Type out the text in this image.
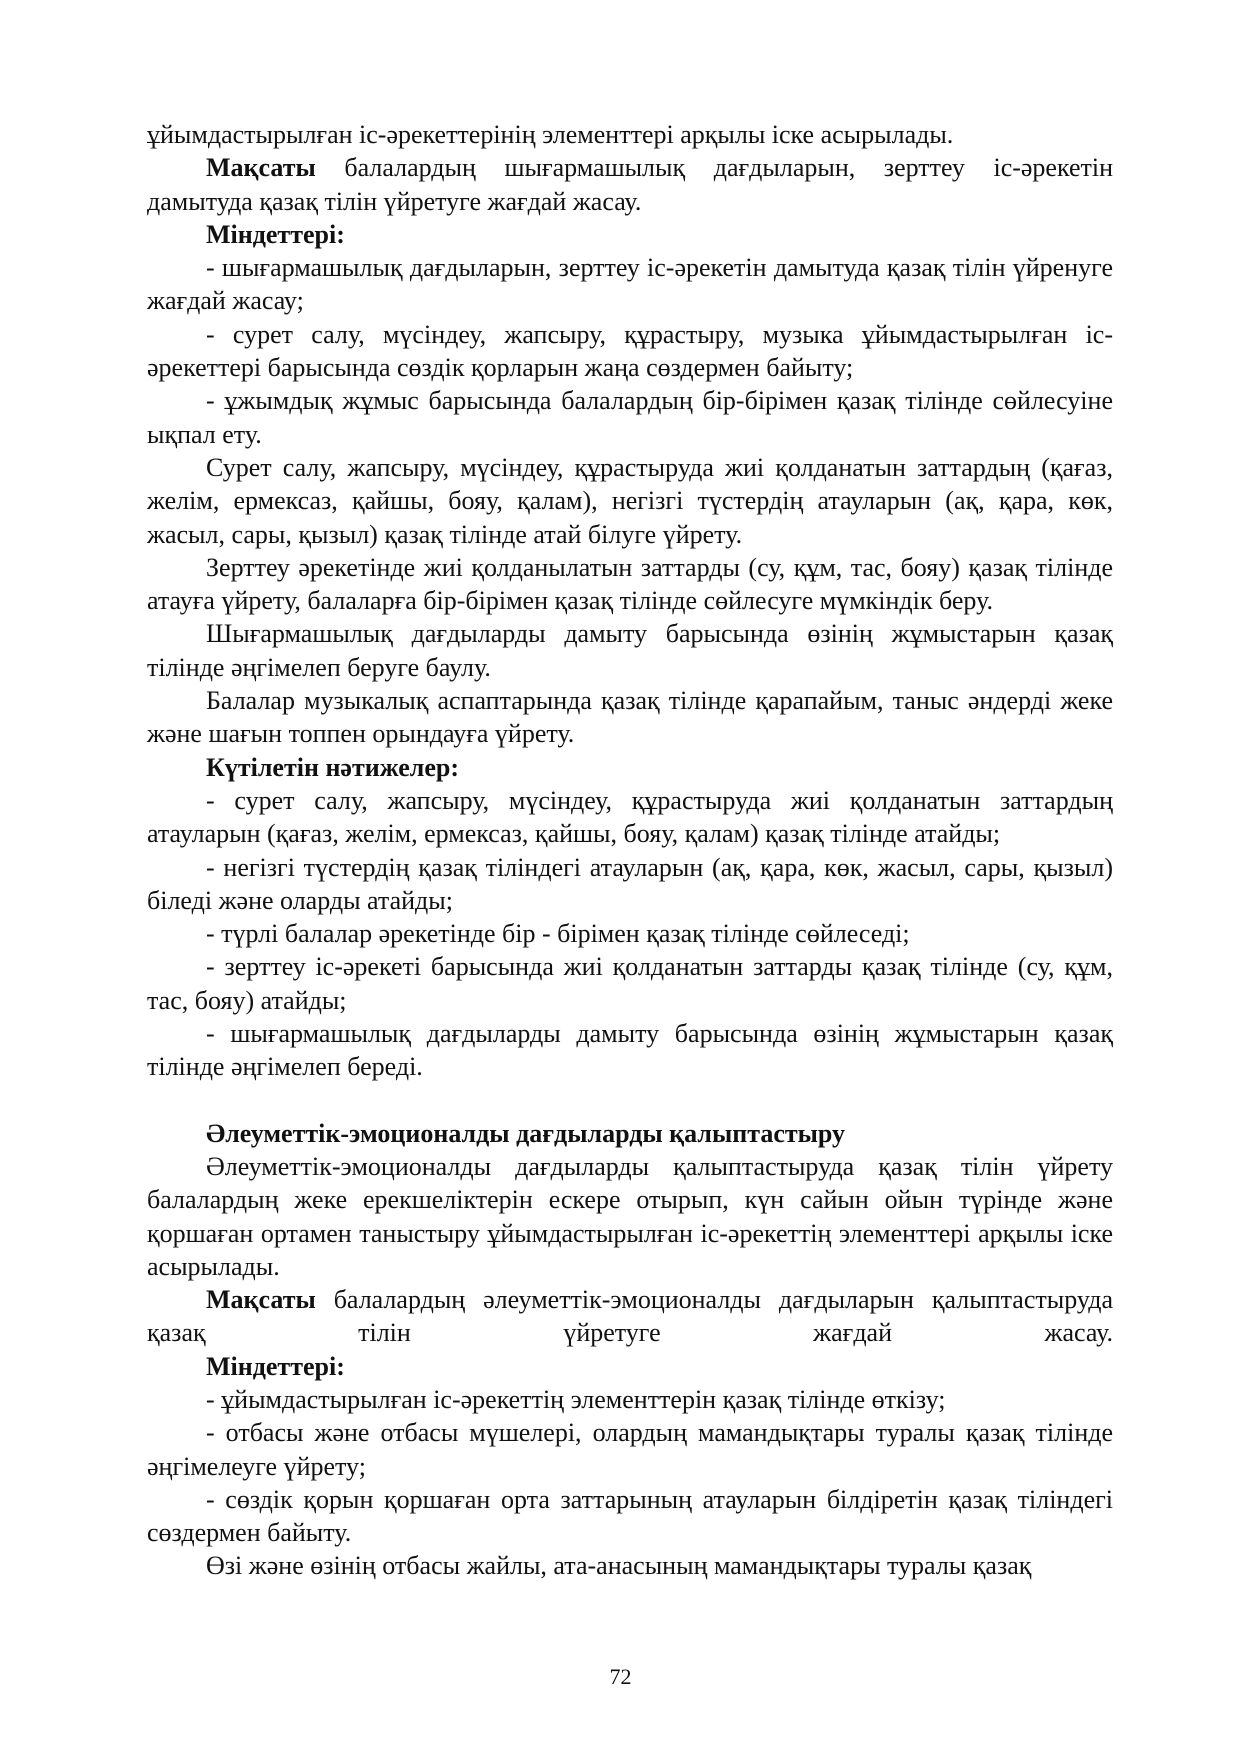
ұйымдастырылған іс-әрекеттерінің элементтері арқылы іске асырылады.

Мақсаты балалардың шығармашылық дағдыларын, зерттеу іс-әрекетін дамытуда қазақ тілін үйретуге жағдай жасау.

Міндеттері:

- шығармашылық дағдыларын, зерттеу іс-әрекетін дамытуда қазақ тілін үйренуге жағдай жасау;

- сурет салу, мүсіндеу, жапсыру, құрастыру, музыка ұйымдастырылған іс-әрекеттері барысында сөздік қорларын жаңа сөздермен байыту;

- ұжымдық жұмыс барысында балалардың бір-бірімен қазақ тілінде сөйлесуіне ықпал ету.

Сурет салу, жапсыру, мүсіндеу, құрастыруда жиі қолданатын заттардың (қағаз, желім, ермексаз, қайшы, бояу, қалам), негізгі түстердің атауларын (ақ, қара, көк, жасыл, сары, қызыл) қазақ тілінде атай білуге үйрету.

Зерттеу әрекетінде жиі қолданылатын заттарды (су, құм, тас, бояу) қазақ тілінде атауға үйрету, балаларға бір-бірімен қазақ тілінде сөйлесуге мүмкіндік беру.

Шығармашылық дағдыларды дамыту барысында өзінің жұмыстарын қазақ тілінде әңгімелеп беруге баулу.

Балалар музыкалық аспаптарында қазақ тілінде қарапайым, таныс әндерді жеке және шағын топпен орындауға үйрету.

Күтілетін нәтижелер:

- сурет салу, жапсыру, мүсіндеу, құрастыруда жиі қолданатын заттардың атауларын (қағаз, желім, ермексаз, қайшы, бояу, қалам) қазақ тілінде атайды;

- негізгі түстердің қазақ тіліндегі атауларын (ақ, қара, көк, жасыл, сары, қызыл) біледі және оларды атайды;

- түрлі балалар әрекетінде бір - бірімен қазақ тілінде сөйлеседі;

- зерттеу іс-әрекеті барысында жиі қолданатын заттарды қазақ тілінде (су, құм, тас, бояу) атайды;

- шығармашылық дағдыларды дамыту барысында өзінің жұмыстарын қазақ тілінде әңгімелеп береді.

Әлеуметтік-эмоционалды дағдыларды қалыптастыру

Әлеуметтік-эмоционалды дағдыларды қалыптастыруда қазақ тілін үйрету балалардың жеке ерекшеліктерін ескере отырып, күн сайын ойын түрінде және қоршаған ортамен таныстыру ұйымдастырылған іс-әрекеттің элементтері арқылы іске асырылады.

Мақсаты балалардың әлеуметтік-эмоционалды дағдыларын қалыптастыруда қазақ тілін үйретуге жағдай жасау.

Міндеттері:

- ұйымдастырылған іс-әрекеттің элементтерін қазақ тілінде өткізу;

- отбасы және отбасы мүшелері, олардың мамандықтары туралы қазақ тілінде әңгімелеуге үйрету;

- сөздік қорын қоршаған орта заттарының атауларын білдіретін қазақ тіліндегі сөздермен байыту.

Өзі және өзінің отбасы жайлы, ата-анасының мамандықтары туралы қазақ

72
